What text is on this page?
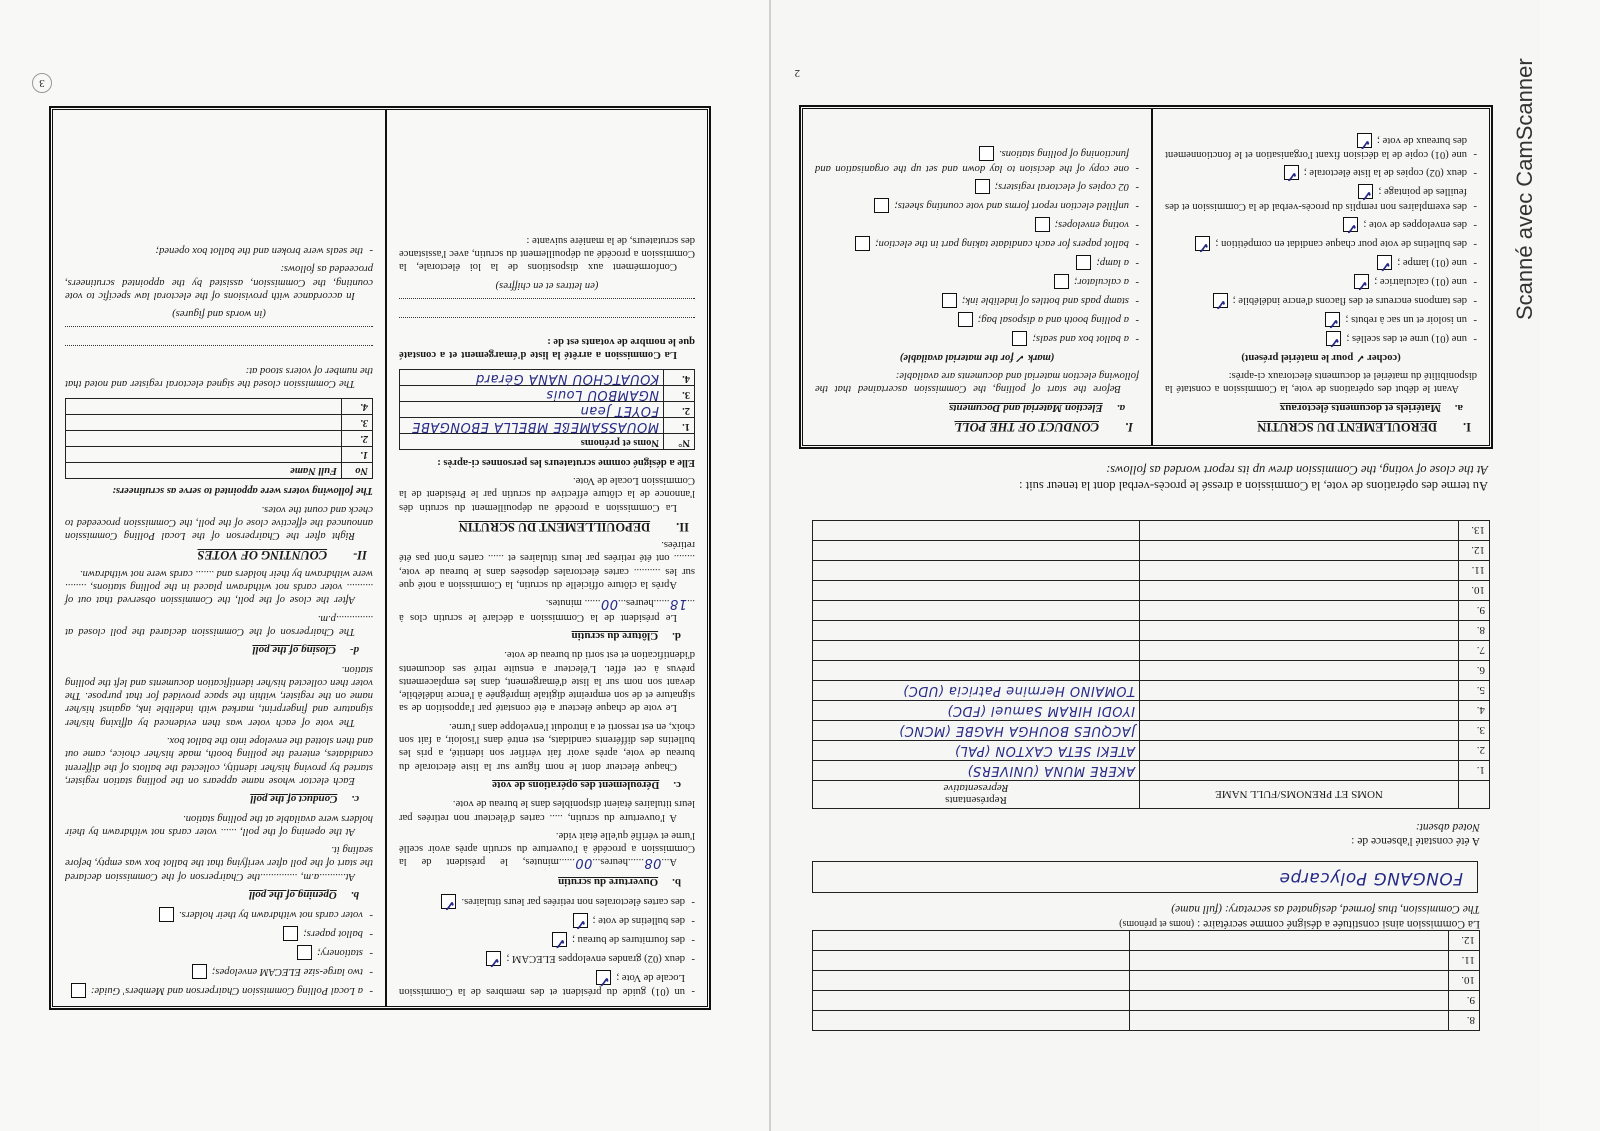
2
8.		
9.		
10.		
11.		
12.		
La Commission ainsi constituée a désigné comme secrétaire : (noms et prénoms)
The Commission, thus formed, designated as secretary: (full name)
FONGANG Polycarpe
A été constaté l'absence de :
Noted absent:
	NOMS ET PRENOMS/FULL NAME	Représentants
Representative
1.		AKERE MUNA (UNIVERS)
2.		ATEKI SETA CAXTON (PAL)
3.		JACQUES BOUHGA HAGBE (MCNC)
4.		IYODI HIRAM Samuel (FDC)
5.		TOMAINO Hermine Patricia (UDC)
6.		
7.		
8.		
9.		
10.		
11.		
12.		
13.		
Au terme des opérations de vote, la Commission a dressé le procès-verbal dont la teneur suit :
At the close of voting, the Commission drew up its report worded as follows:
I.DEROULEMENT DU SCRUTIN
a.Matériels et documents électoraux

Avant le début des opérations de vote, la Commission a constaté la disponibilité du matériel et documents électoraux ci-après:

(cocher ✓ pour le matériel présent)

- une (01) urne et des scellés ;
✓
- un isoloir et un sac à rebuts ;
✓
- des tampons encreurs et des flacons d'encre indélébile ;
✓
- une (01) calculatrice ;
✓
- une (01) lampe ;
✓
- des bulletins de vote pour chaque candidat en compétition ;
✓
- des enveloppes de vote ;
✓
- des exemplaires non remplis du procès-verbal de la Commission et des feuilles de pointage ;
✓
- deux (02) copies de la liste électorale ;
✓
- une (01) copie de la décision fixant l'organisation et le fonctionnement des bureaux de vote ;
✓
I.CONDUCT OF THE POLL
a.Election Material and Documents

Before the start of polling, the Commission ascertained that the following election material and documents are available:

(mark ✓ for the material available)

- a ballot box and seals;
- a polling booth and a disposal bag;
- stamp pads and bottles of indelible ink;
- a calculator;
- a lamp;
- ballot papers for each candidate taking part in the election;
- voting envelopes;
- unfilled election report forms and vote counting sheets;
- 02 copies of electoral registers;
- one copy of the decision to lay down and set up the organisation and functioning of polling stations.
3
- un (01) guide du président et des membres de la Commission Locale de Vote ;
✓
- deux (02) grandes enveloppes ELECAM ;
✓
- des fournitures de bureau ;
✓
- des bulletins de vote ;
✓
- des cartes électorales non retirées par leurs titulaires.
✓
b.Ouverture du scrutin

A...08......heures...00......minutes, le président de la Commission a procédé à l'ouverture du scrutin après avoir scellé l'urne et vérifié qu'elle était vide.

A l'ouverture du scrutin, ..... cartes d'électeur non retirées par leurs titulaires étaient disponibles dans le bureau de vote.

c.Déroulement des opérations de vote

Chaque électeur dont le nom figure sur la liste électorale du bureau de vote, après avoir fait vérifier son identité, a pris les bulletins des différents candidats, est entré dans l'isoloir, a fait son choix, en est ressorti et a introduit l'enveloppe dans l'urne.

Le vote de chaque électeur a été constaté par l'apposition de sa signature et de son empreinte digitale imprégnée à l'encre indélébile, devant son nom sur la liste d'émargement, dans les emplacements prévus à cet effet. L'électeur a ensuite retiré ses documents d'identification et est sorti du bureau de vote.

d.Clôture du scrutin

Le président de la Commission a déclaré le scrutin clos à ...18......heures...00...... minutes.

Après la clôture officielle du scrutin, la Commission a noté que sur les .......... cartes électorales déposées dans le bureau de vote, ........ ont été retirées par leurs titulaires et ...... cartes n'ont pas été retirées.

II.DEPOUILLEMENT DU SCRUTIN

La Commission a procédé au dépouillement du scrutin dès l'annonce de la clôture effective du scrutin par le Président de la Commission Locale de Vote.

Elle a désigné comme scrutateurs les personnes ci-après :

N°	Noms et prénoms
1.	MOUASSAMEßE MBELLA EBONGABE
2.	FOYET Jean
3.	NGAMBOU Louis
4.	KOUATCHOU NANA Gérard

La Commission a arrêté la liste d'émargement et a constaté que le nombre de votants est de :

(en lettres et en chiffres)

Conformément aux dispositions de la loi électorale, la Commission a procédé au dépouillement du scrutin, avec l'assistance des scrutateurs, de la manière suivante :

- a Local Polling Commission Chairperson and Members' Guide:
- two large-size ELECAM envelopes;
- stationery;
- ballot papers;
- voter cards not withdrawn by their holders.
b.Opening of the poll

At..........a.m, ..............the Chairperson of the Commission declared the start of the poll after verifying that the ballot box was empty, before sealing it.

At the opening of the poll, ...... voter cards not withdrawn by their holders were available at the polling station.

c.Conduct of the poll

Each elector whose name appears on the polling station register, started by proving his/her identity, collected the ballots of the different candidates, entered the polling booth, made his/her choice, came out and then slotted the envelope into the ballot box.

The vote of each voter was then evidenced by affixing his/her signature and fingerprint, marked with indelible ink, against his/her name on the register, within the space provided for that purpose. The voter then collected his/her identification documents and left the polling station.

d-Closing of the poll

The Chairperson of the Commission declared the poll closed at ..............p.m.

After the close of the poll, the Commission observed that out of .......... voter cards not withdrawn placed in the polling stations, ........ were withdrawn by their holders and ....... cards were not withdrawn.

II-COUNTING OF VOTES

Right after the Chairperson of the Local Polling Commission announced the effective close of the poll, the Commission proceeded to check and count the votes.

The following voters were appointed to serve as scrutineers:

No	Full Name
1.	
2.	
3.	
4.	

The Commission closed the signed electoral register and noted that the number of voters stood at:

(in words and figures)

In accordance with provisions of the electoral law specific to vote counting, the Commission, assisted by the appointed scrutineers, proceeded as follows:

- the seals were broken and the ballot box opened;	Scanné avec CamScanner
